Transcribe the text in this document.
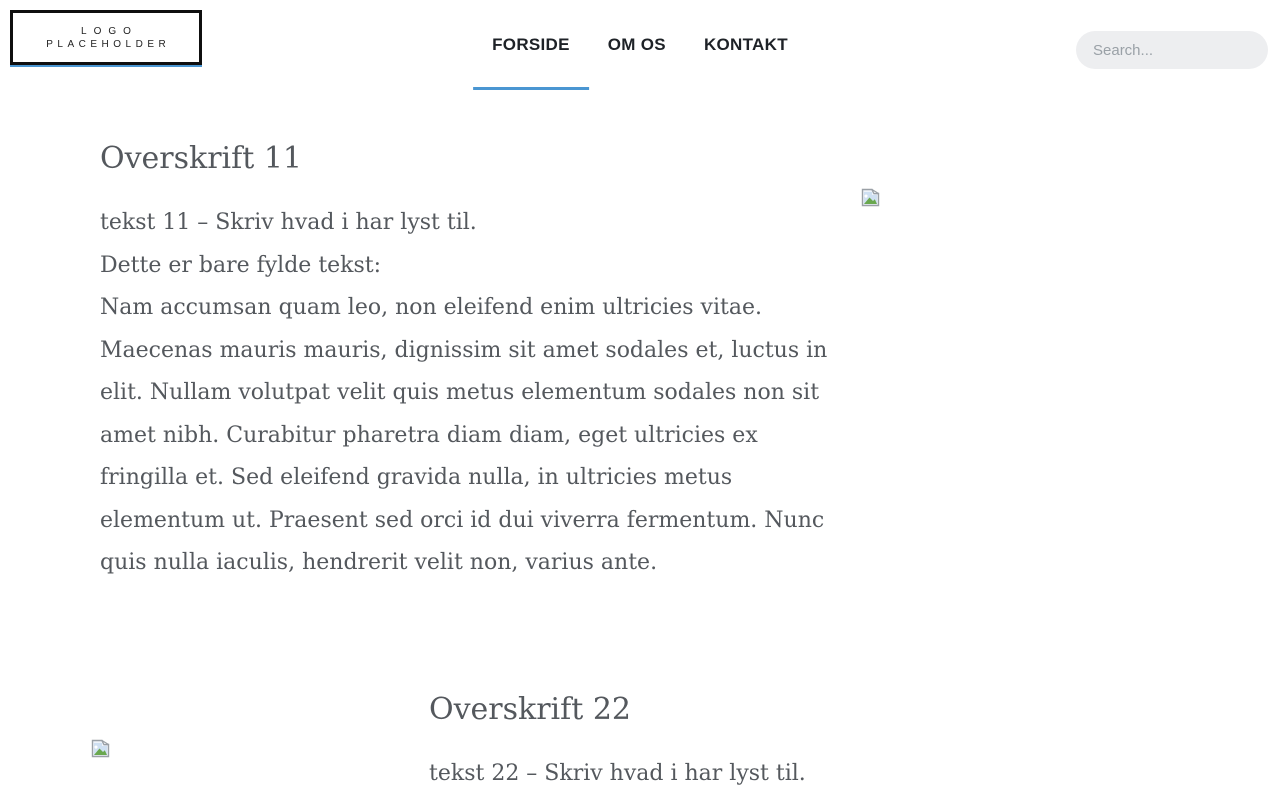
LOGO
PLACEHOLDER	FORSIDE OM OS KONTAKT
Search...
Overskrift 11

tekst 11 – Skriv hvad i har lyst til.

Dette er bare fylde tekst:

Nam accumsan quam leo, non eleifend enim ultricies vitae. Maecenas mauris mauris, dignissim sit amet sodales et, luctus in elit. Nullam volutpat velit quis metus elementum sodales non sit amet nibh. Curabitur pharetra diam diam, eget ultricies ex fringilla et. Sed eleifend gravida nulla, in ultricies metus elementum ut. Praesent sed orci id dui viverra fermentum. Nunc quis nulla iaculis, hendrerit velit non, varius ante.

Overskrift 22

tekst 22 – Skriv hvad i har lyst til.
